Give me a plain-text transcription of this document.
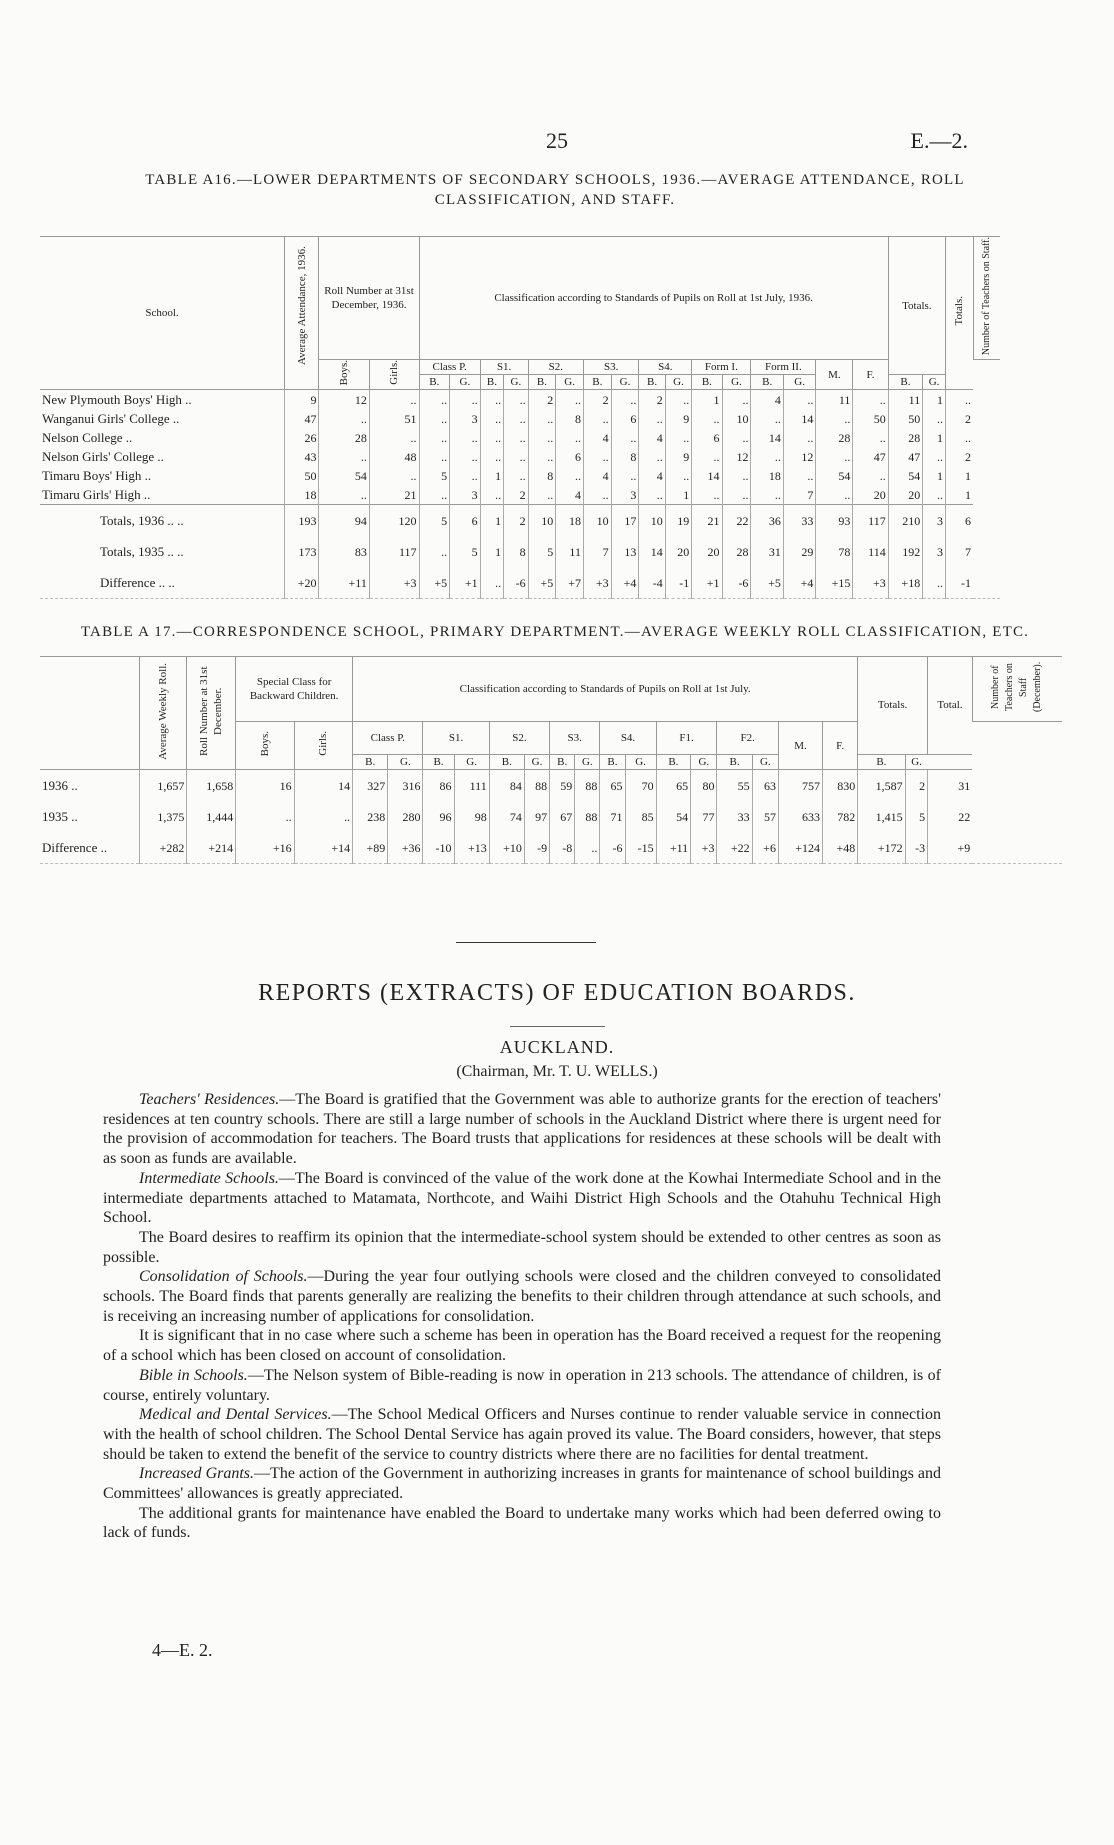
25	E.—2.
TABLE A16.—LOWER DEPARTMENTS OF SECONDARY SCHOOLS, 1936.—AVERAGE ATTENDANCE, ROLL
CLASSIFICATION, AND STAFF.
School.	Average Attendance, 1936.	Roll Number at 31st December, 1936.		Classification according to Standards of Pupils on Roll at 1st July, 1936.																Totals.		Totals.	Number of Teachers on Staff.
		Boys.	Girls.	Class P.		S1.		S2.		S3.		S4.		Form I.		Form II.		M.	F.				
				B.	G.	B.	G.	B.	G.	B.	G.	B.	G.	B.	G.	B.	G.			B.	G.		
New Plymouth Boys' High ..	9	12	..	..	..	..	..	2	..	2	..	2	..	1	..	4	..	11	..	11	1	..	
Wanganui Girls' College ..	47	..	51	..	3	..	..	..	8	..	6	..	9	..	10	..	14	..	50	50	..	2	
Nelson College ..	26	28	..	..	..	..	..	..	..	4	..	4	..	6	..	14	..	28	..	28	1	..	
Nelson Girls' College ..	43	..	48	..	..	..	..	..	6	..	8	..	9	..	12	..	12	..	47	47	..	2	
Timaru Boys' High ..	50	54	..	5	..	1	..	8	..	4	..	4	..	14	..	18	..	54	..	54	1	1	
Timaru Girls' High ..	18	..	21	..	3	..	2	..	4	..	3	..	1	..	..	..	7	..	20	20	..	1	
Totals, 1936 .. ..	193	94	120	5	6	1	2	10	18	10	17	10	19	21	22	36	33	93	117	210	3	6	
Totals, 1935 .. ..	173	83	117	..	5	1	8	5	11	7	13	14	20	20	28	31	29	78	114	192	3	7	
Difference .. ..	+20	+11	+3	+5	+1	..	-6	+5	+7	+3	+4	-4	-1	+1	-6	+5	+4	+15	+3	+18	..	-1	
TABLE A 17.—CORRESPONDENCE SCHOOL, PRIMARY DEPARTMENT.—AVERAGE WEEKLY ROLL CLASSIFICATION, ETC.
	Average Weekly Roll.	Roll Number at 31st December.	Special Class for Backward Children.		Classification according to Standards of Pupils on Roll at 1st July.																Totals.		Total.	Number of Teachers on Staff (December).
			Boys.	Girls.	Class P.		S1.		S2.		S3.		S4.		F1.		F2.		M.	F.				
					B.	G.	B.	G.	B.	G.	B.	G.	B.	G.	B.	G.	B.	G.			B.	G.		
1936 ..	1,657	1,658	16	14	327	316	86	111	84	88	59	88	65	70	65	80	55	63	757	830	1,587	2	31	
1935 ..	1,375	1,444	..	..	238	280	96	98	74	97	67	88	71	85	54	77	33	57	633	782	1,415	5	22	
Difference ..	+282	+214	+16	+14	+89	+36	-10	+13	+10	-9	-8	..	-6	-15	+11	+3	+22	+6	+124	+48	+172	-3	+9	
REPORTS (EXTRACTS) OF EDUCATION BOARDS.
AUCKLAND.
(Chairman, Mr. T. U. WELLS.)

Teachers' Residences.—The Board is gratified that the Government was able to authorize grants for the erection of teachers' residences at ten country schools. There are still a large number of schools in the Auckland District where there is urgent need for the provision of accommodation for teachers. The Board trusts that applications for residences at these schools will be dealt with as soon as funds are available.

Intermediate Schools.—The Board is convinced of the value of the work done at the Kowhai Intermediate School and in the intermediate departments attached to Matamata, Northcote, and Waihi District High Schools and the Otahuhu Technical High School.

The Board desires to reaffirm its opinion that the intermediate-school system should be extended to other centres as soon as possible.

Consolidation of Schools.—During the year four outlying schools were closed and the children conveyed to consolidated schools. The Board finds that parents generally are realizing the benefits to their children through attendance at such schools, and is receiving an increasing number of applications for consolidation.

It is significant that in no case where such a scheme has been in operation has the Board received a request for the reopening of a school which has been closed on account of consolidation.

Bible in Schools.—The Nelson system of Bible-reading is now in operation in 213 schools. The attendance of children, is of course, entirely voluntary.

Medical and Dental Services.—The School Medical Officers and Nurses continue to render valuable service in connection with the health of school children. The School Dental Service has again proved its value. The Board considers, however, that steps should be taken to extend the benefit of the service to country districts where there are no facilities for dental treatment.

Increased Grants.—The action of the Government in authorizing increases in grants for maintenance of school buildings and Committees' allowances is greatly appreciated.

The additional grants for maintenance have enabled the Board to undertake many works which had been deferred owing to lack of funds.

4—E. 2.
